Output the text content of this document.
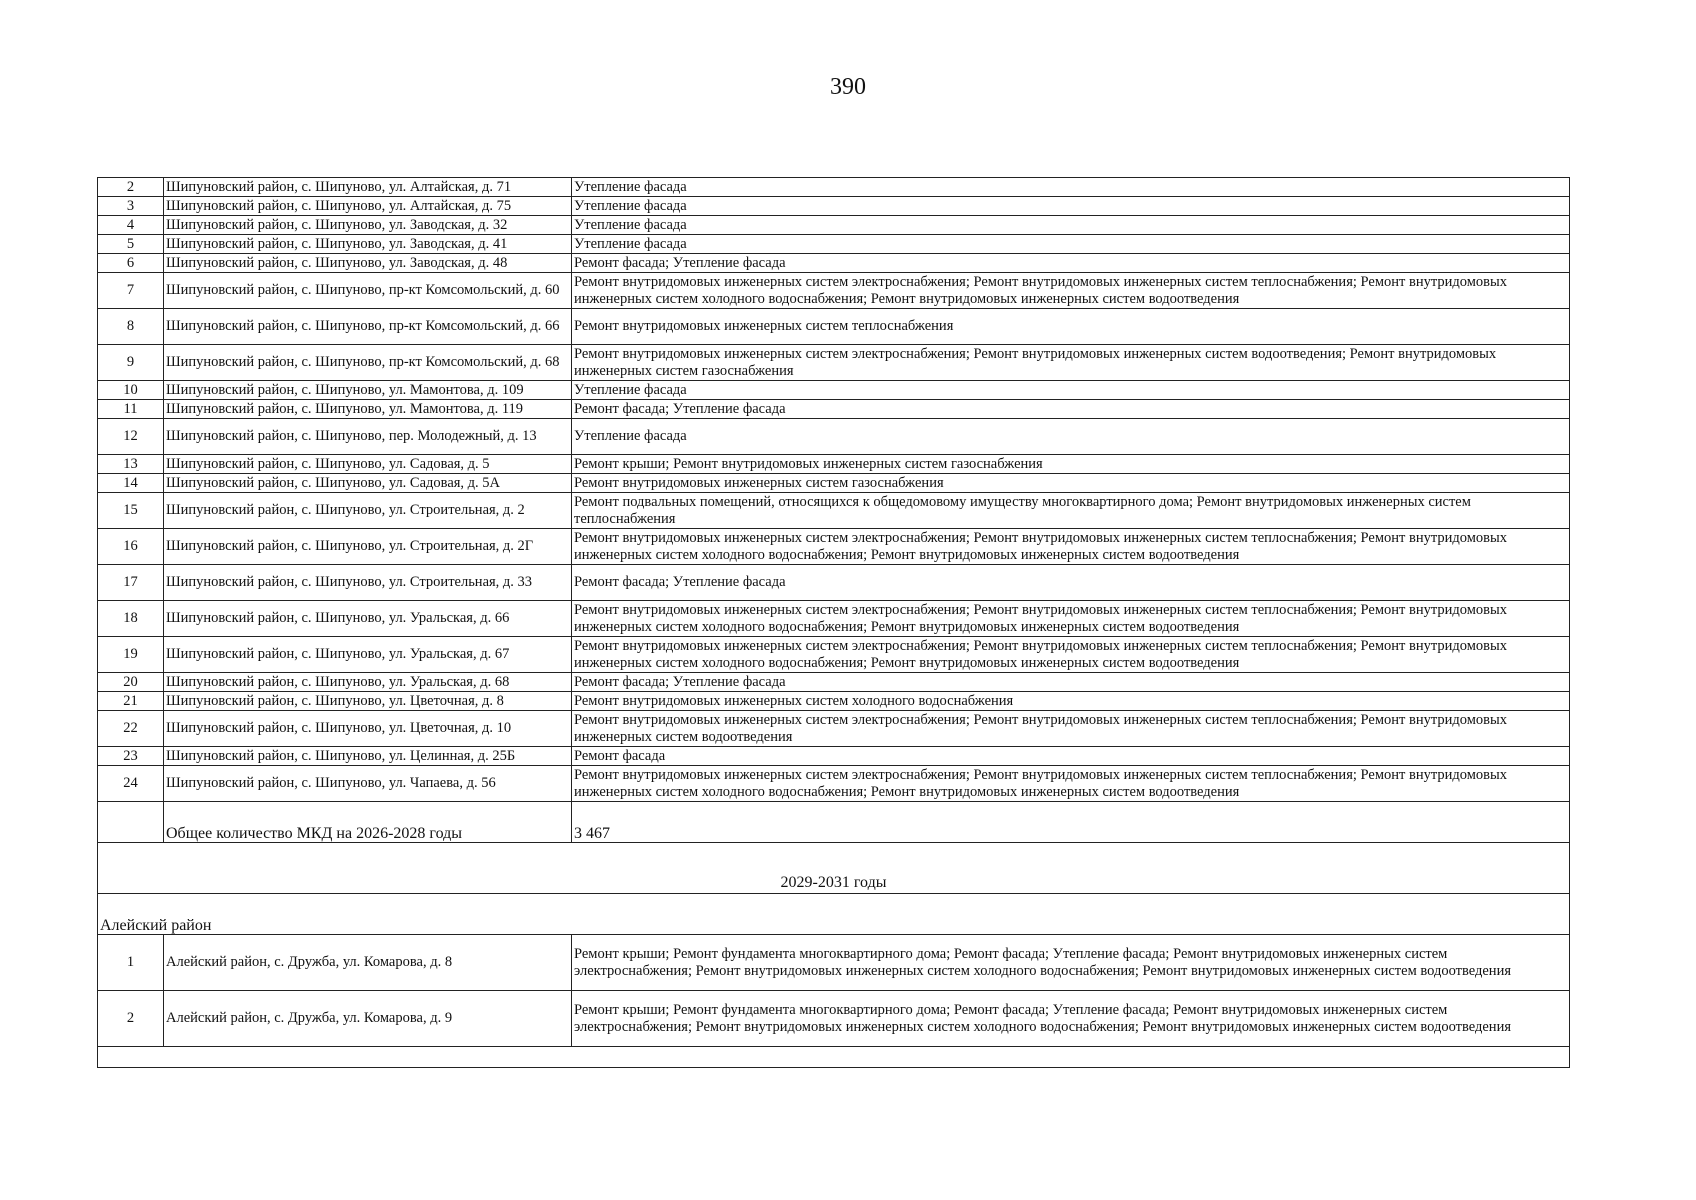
390
2	Шипуновский район, с. Шипуново, ул. Алтайская, д. 71	Утепление фасада
3	Шипуновский район, с. Шипуново, ул. Алтайская, д. 75	Утепление фасада
4	Шипуновский район, с. Шипуново, ул. Заводская, д. 32	Утепление фасада
5	Шипуновский район, с. Шипуново, ул. Заводская, д. 41	Утепление фасада
6	Шипуновский район, с. Шипуново, ул. Заводская, д. 48	Ремонт фасада; Утепление фасада
7	Шипуновский район, с. Шипуново, пр-кт Комсомольский, д. 60	Ремонт внутридомовых инженерных систем электроснабжения; Ремонт внутридомовых инженерных систем теплоснабжения; Ремонт внутридомовых инженерных систем холодного водоснабжения; Ремонт внутридомовых инженерных систем водоотведения
8	Шипуновский район, с. Шипуново, пр-кт Комсомольский, д. 66	Ремонт внутридомовых инженерных систем теплоснабжения
9	Шипуновский район, с. Шипуново, пр-кт Комсомольский, д. 68	Ремонт внутридомовых инженерных систем электроснабжения; Ремонт внутридомовых инженерных систем водоотведения; Ремонт внутридомовых инженерных систем газоснабжения
10	Шипуновский район, с. Шипуново, ул. Мамонтова, д. 109	Утепление фасада
11	Шипуновский район, с. Шипуново, ул. Мамонтова, д. 119	Ремонт фасада; Утепление фасада
12	Шипуновский район, с. Шипуново, пер. Молодежный, д. 13	Утепление фасада
13	Шипуновский район, с. Шипуново, ул. Садовая, д. 5	Ремонт крыши; Ремонт внутридомовых инженерных систем газоснабжения
14	Шипуновский район, с. Шипуново, ул. Садовая, д. 5А	Ремонт внутридомовых инженерных систем газоснабжения
15	Шипуновский район, с. Шипуново, ул. Строительная, д. 2	Ремонт подвальных помещений, относящихся к общедомовому имуществу многоквартирного дома; Ремонт внутридомовых инженерных систем теплоснабжения
16	Шипуновский район, с. Шипуново, ул. Строительная, д. 2Г	Ремонт внутридомовых инженерных систем электроснабжения; Ремонт внутридомовых инженерных систем теплоснабжения; Ремонт внутридомовых инженерных систем холодного водоснабжения; Ремонт внутридомовых инженерных систем водоотведения
17	Шипуновский район, с. Шипуново, ул. Строительная, д. 33	Ремонт фасада; Утепление фасада
18	Шипуновский район, с. Шипуново, ул. Уральская, д. 66	Ремонт внутридомовых инженерных систем электроснабжения; Ремонт внутридомовых инженерных систем теплоснабжения; Ремонт внутридомовых инженерных систем холодного водоснабжения; Ремонт внутридомовых инженерных систем водоотведения
19	Шипуновский район, с. Шипуново, ул. Уральская, д. 67	Ремонт внутридомовых инженерных систем электроснабжения; Ремонт внутридомовых инженерных систем теплоснабжения; Ремонт внутридомовых инженерных систем холодного водоснабжения; Ремонт внутридомовых инженерных систем водоотведения
20	Шипуновский район, с. Шипуново, ул. Уральская, д. 68	Ремонт фасада; Утепление фасада
21	Шипуновский район, с. Шипуново, ул. Цветочная, д. 8	Ремонт внутридомовых инженерных систем холодного водоснабжения
22	Шипуновский район, с. Шипуново, ул. Цветочная, д. 10	Ремонт внутридомовых инженерных систем электроснабжения; Ремонт внутридомовых инженерных систем теплоснабжения; Ремонт внутридомовых инженерных систем водоотведения
23	Шипуновский район, с. Шипуново, ул. Целинная, д. 25Б	Ремонт фасада
24	Шипуновский район, с. Шипуново, ул. Чапаева, д. 56	Ремонт внутридомовых инженерных систем электроснабжения; Ремонт внутридомовых инженерных систем теплоснабжения; Ремонт внутридомовых инженерных систем холодного водоснабжения; Ремонт внутридомовых инженерных систем водоотведения
	Общее количество МКД на 2026-2028 годы	3 467
2029-2031 годы		
Алейский район		
1	Алейский район, с. Дружба, ул. Комарова, д. 8	Ремонт крыши; Ремонт фундамента многоквартирного дома; Ремонт фасада; Утепление фасада; Ремонт внутридомовых инженерных систем электроснабжения; Ремонт внутридомовых инженерных систем холодного водоснабжения; Ремонт внутридомовых инженерных систем водоотведения
2	Алейский район, с. Дружба, ул. Комарова, д. 9	Ремонт крыши; Ремонт фундамента многоквартирного дома; Ремонт фасада; Утепление фасада; Ремонт внутридомовых инженерных систем электроснабжения; Ремонт внутридомовых инженерных систем холодного водоснабжения; Ремонт внутридомовых инженерных систем водоотведения
